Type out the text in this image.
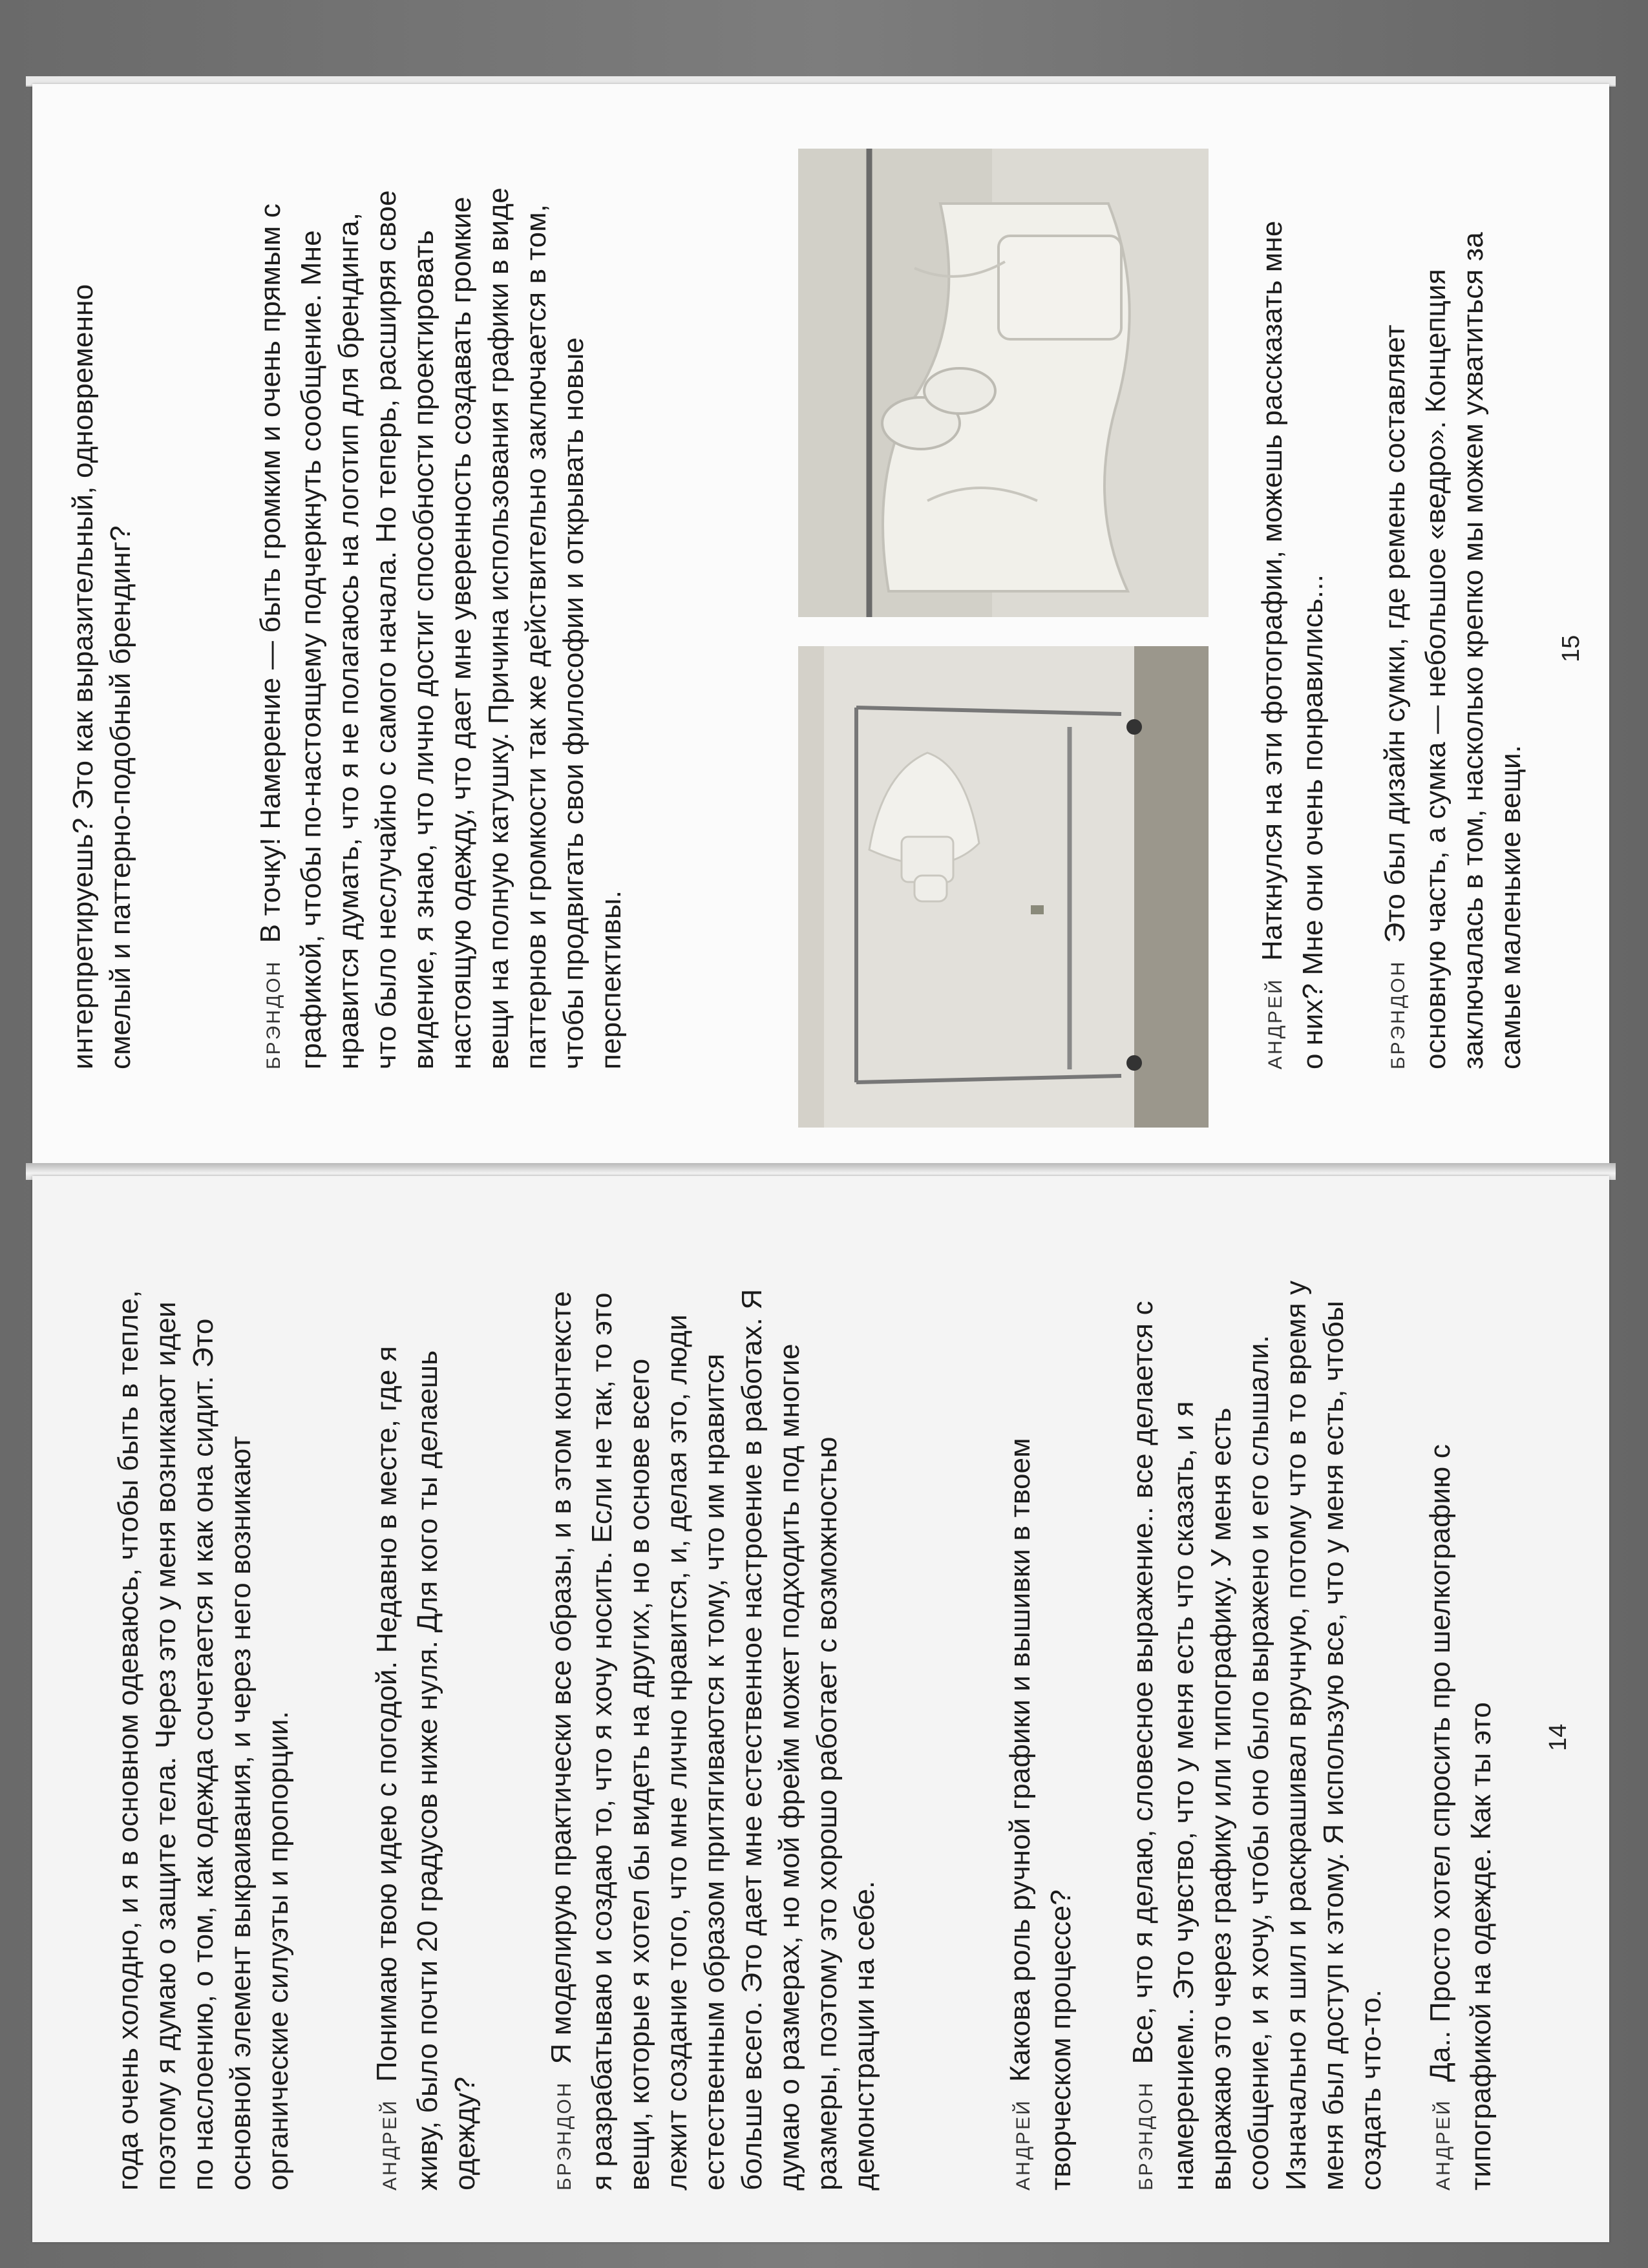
интерпретируешь? Это как выразительный, одновременно смелый и паттерно-подобный брендинг?	БРЭНДОН В точку! Намерение — быть громким и очень прямым с графикой, чтобы по-настоящему подчеркнуть сообщение. Мне нравится думать, что я не полагаюсь на логотип для брендинга, что было неслучайно с самого начала. Но теперь, расширяя свое видение, я знаю, что лично достиг способности проектировать настоящую одежду, что дает мне уверенность создавать громкие вещи на полную катушку. Причина использования графики в виде паттернов и громкости так же действительно заключается в том, чтобы продвигать свои философии и открывать новые перспективы.	АНДРЕЙ Наткнулся на эти фотографии, можешь рассказать мне о них? Мне они очень понравились...	БРЭНДОН Это был дизайн сумки, где ремень составляет основную часть, а сумка — небольшое «ведро». Концепция заключалась в том, насколько крепко мы можем ухватиться за самые маленькие вещи.
15
года очень холодно, и я в основном одеваюсь, чтобы быть в тепле, поэтому я думаю о защите тела. Через это у меня возникают идеи по наслоению, о том, как одежда сочетается и как она сидит. Это основной элемент выкраивания, и через него возникают органические силуэты и пропорции.	АНДРЕЙ Понимаю твою идею с погодой. Недавно в месте, где я живу, было почти 20 градусов ниже нуля. Для кого ты делаешь одежду?	БРЭНДОН Я моделирую практически все образы, и в этом контексте я разрабатываю и создаю то, что я хочу носить. Если не так, то это вещи, которые я хотел бы видеть на других, но в основе всего лежит создание того, что мне лично нравится, и, делая это, люди естественным образом притягиваются к тому, что им нравится больше всего. Это дает мне естественное настроение в работах. Я думаю о размерах, но мой фрейм может подходить под многие размеры, поэтому это хорошо работает с возможностью демонстрации на себе.	АНДРЕЙ Какова роль ручной графики и вышивки в твоем творческом процессе?	БРЭНДОН Все, что я делаю, словесное выражение.. все делается с намерением.. Это чувство, что у меня есть что сказать, и я выражаю это через графику или типографику. У меня есть сообщение, и я хочу, чтобы оно было выражено и его слышали. Изначально я шил и раскрашивал вручную, потому что в то время у меня был доступ к этому. Я использую все, что у меня есть, чтобы создать что-то.	АНДРЕЙ Да.. Просто хотел спросить про шелкографию с типографикой на одежде. Как ты это 14
